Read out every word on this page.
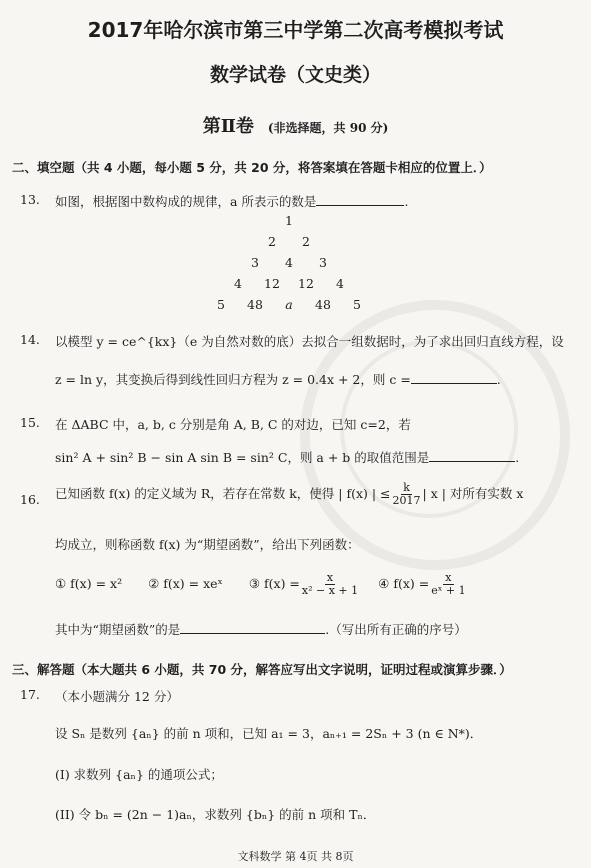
2017年哈尔滨市第三中学第二次高考模拟考试
数学试卷（文史类）
第Ⅱ卷 (非选择题，共 90 分)
二、填空题（共 4 小题，每小题 5 分，共 20 分，将答案填在答题卡相应的位置上．）
13. 如图，根据图中数构成的规律，a 所表示的数是	.
1
2 2
3 4 3
4 12 12 4
5 48 a 48 5
14. 以模型 y = ce^{kx}（e 为自然对数的底）去拟合一组数据时，为了求出回归直线方程，设
z = ln y，其变换后得到线性回归方程为 z = 0.4x + 2，则 c =	.
15. 在 ΔABC 中，a, b, c 分别是角 A, B, C 的对边，已知 c=2，若
sin² A + sin² B − sin A sin B = sin² C，则 a + b 的取值范围是	.
16. 已知函数 f(x) 的定义域为 R，若存在常数 k，使得 | f(x) | ≤ $\frac{k}{2017}$ | x | 对所有实数 x
均成立，则称函数 f(x) 为“期望函数”，给出下列函数：
① f(x) = x² ② f(x) = xeˣ ③ $f(x) = \frac{x}{\text{x² − x + 1}}$ ④ $f(x) = \frac{x}{\text{eˣ + 1}}$
其中为“期望函数”的是	.（写出所有正确的序号）
三、解答题（本大题共 6 小题，共 70 分，解答应写出文字说明，证明过程或演算步骤．）
17. （本小题满分 12 分）
设 Sₙ 是数列 {aₙ} 的前 n 项和，已知 a₁ = 3，aₙ₊₁ = 2Sₙ + 3 (n ∈ N*)．
(I) 求数列 {aₙ} 的通项公式；
(II) 令 bₙ = (2n − 1)aₙ，求数列 {bₙ} 的前 n 项和 Tₙ．
文科数学 第 4页 共 8页
